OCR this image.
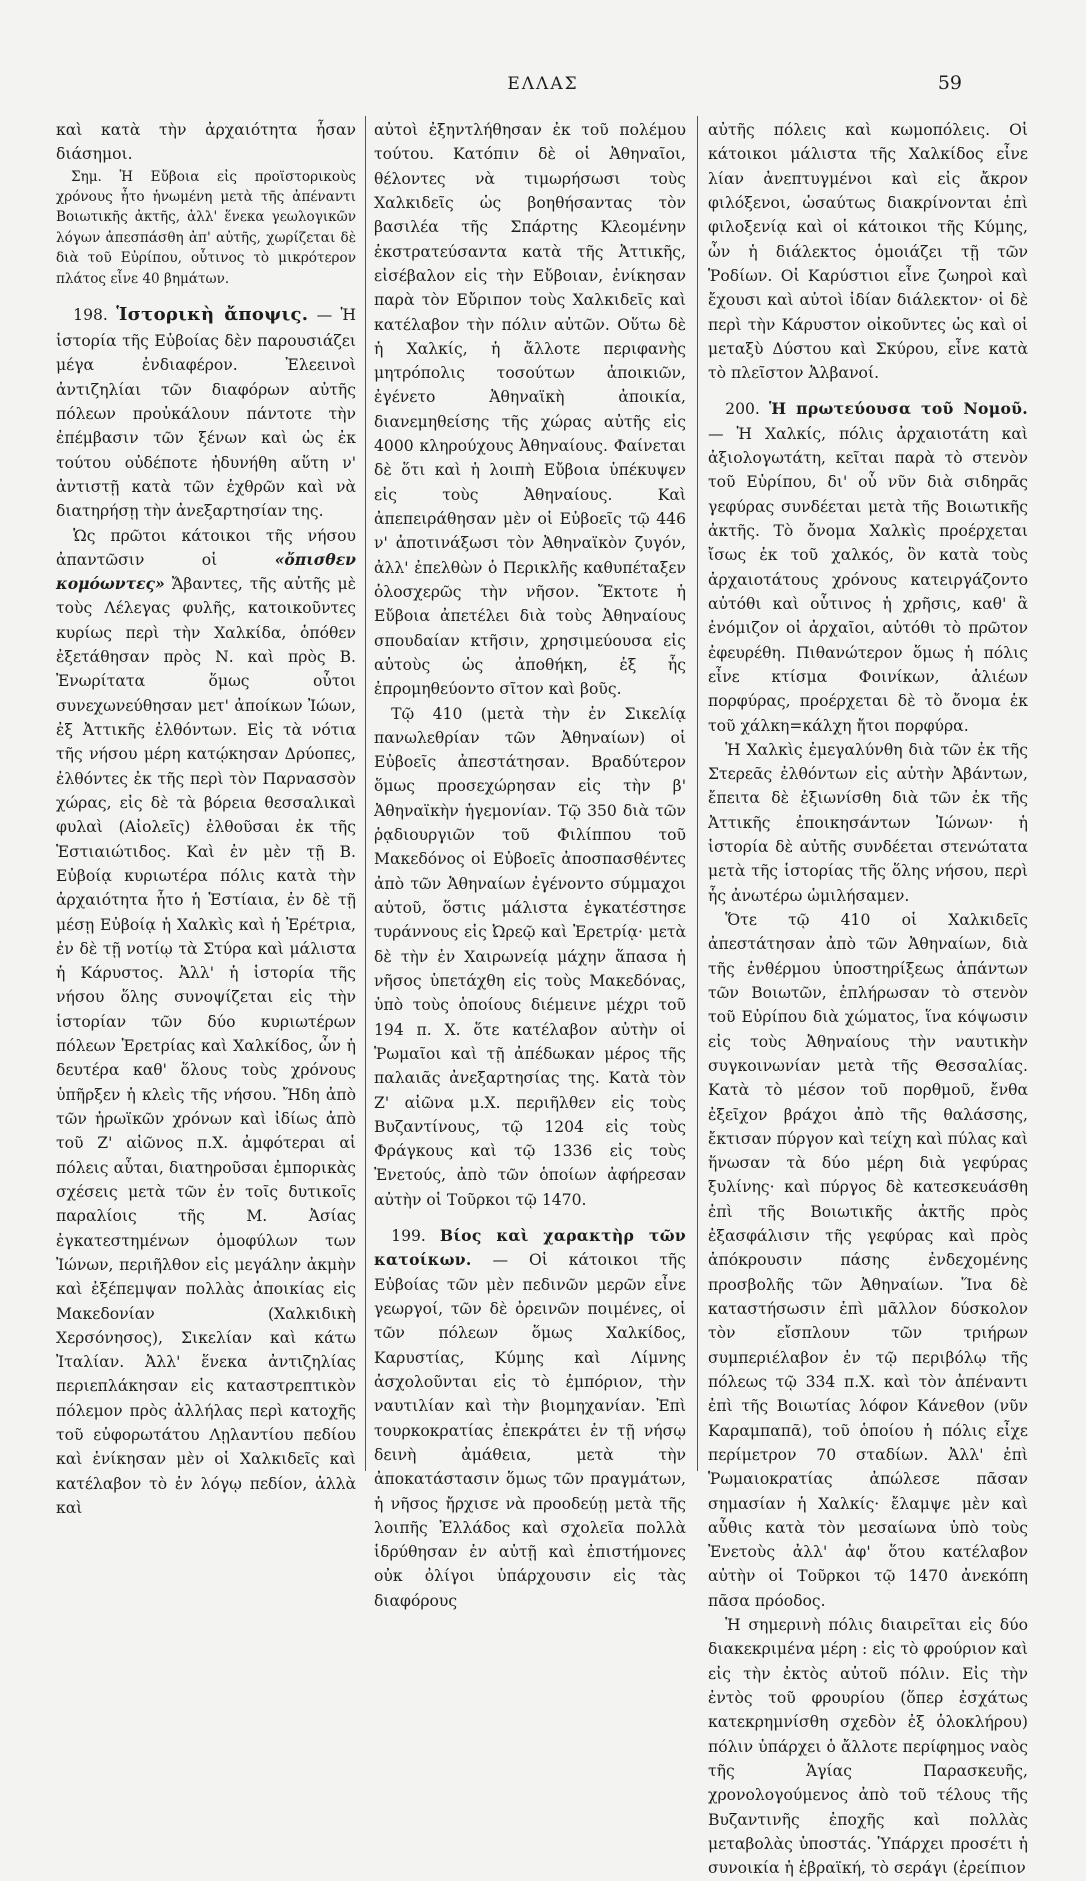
ΕΛΛΑΣ	59

καὶ κατὰ τὴν ἀρχαιότητα ἦσαν διάσημοι.

Σημ. Ἡ Εὔβοια εἰς προϊστορικοὺς χρόνους ἦτο ἡνωμένη μετὰ τῆς ἀπέναντι Βοιωτικῆς ἀκτῆς, ἀλλ' ἕνεκα γεωλογικῶν λόγων ἀπεσπάσθη ἀπ' αὐτῆς, χωρίζεται δὲ διὰ τοῦ Εὐρίπου, οὗτινος τὸ μικρότερον πλάτος εἶνε 40 βημάτων.

198. Ἱστορικὴ ἄποψις. — Ἡ ἱστορία τῆς Εὐβοίας δὲν παρουσιάζει μέγα ἐνδιαφέρον. Ἐλεεινοὶ ἀντιζηλίαι τῶν διαφόρων αὐτῆς πόλεων προὐκάλουν πάντοτε τὴν ἐπέμβασιν τῶν ξένων καὶ ὡς ἐκ τούτου οὐδέποτε ἠδυνήθη αὕτη ν' ἀντιστῇ κατὰ τῶν ἐχθρῶν καὶ νὰ διατηρήσῃ τὴν ἀνεξαρτησίαν της.

Ὡς πρῶτοι κάτοικοι τῆς νήσου ἀπαντῶσιν οἱ	«ὄπισθεν κομόωντες» Ἄβαντες, τῆς αὐτῆς μὲ τοὺς Λέλεγας φυλῆς, κατοικοῦντες κυρίως περὶ τὴν Χαλκίδα, ὁπόθεν ἐξετάθησαν πρὸς Ν. καὶ πρὸς Β. Ἐνωρίτατα ὅμως οὗτοι συνεχωνεύθησαν μετ' ἀποίκων Ἰώων, ἐξ Ἀττικῆς ἐλθόντων. Εἰς τὰ νότια τῆς νήσου μέρη κατῴκησαν Δρύοπες, ἐλθόντες ἐκ τῆς περὶ τὸν Παρνασσὸν χώρας, εἰς δὲ τὰ βόρεια θεσσαλικαὶ φυλαὶ (Αἰολεῖς) ἐλθοῦσαι ἐκ τῆς Ἑστιαιώτιδος. Καὶ ἐν μὲν τῇ Β. Εὐβοίᾳ κυριωτέρα πόλις κατὰ τὴν ἀρχαιότητα ἦτο ἡ Ἑστίαια, ἐν δὲ τῇ μέσῃ Εὐβοίᾳ ἡ Χαλκὶς καὶ ἡ Ἐρέτρια, ἐν δὲ τῇ νοτίῳ τὰ Στύρα καὶ μάλιστα ἡ Κάρυστος. Ἀλλ' ἡ ἱστορία τῆς νήσου ὅλης συνοψίζεται εἰς τὴν ἱστορίαν τῶν δύο κυριωτέρων πόλεων Ἐρετρίας καὶ Χαλκίδος, ὧν ἡ δευτέρα καθ' ὅλους τοὺς χρόνους ὑπῆρξεν ἡ κλεὶς τῆς νήσου. Ἤδη ἀπὸ τῶν ἡρωϊκῶν χρόνων καὶ ἰδίως ἀπὸ τοῦ Ζ' αἰῶνος π.Χ. ἀμφότεραι αἱ πόλεις αὗται, διατηροῦσαι ἐμπορικὰς σχέσεις μετὰ τῶν ἐν τοῖς δυτικοῖς παραλίοις τῆς Μ. Ἀσίας ἐγκατεστημένων ὁμοφύλων των Ἰώνων, περιῆλθον εἰς μεγάλην ἀκμὴν καὶ ἐξέπεμψαν πολλὰς ἀποικίας εἰς Μακεδονίαν (Χαλκιδικὴ Χερσόνησος), Σικελίαν καὶ κάτω Ἰταλίαν. Ἀλλ' ἕνεκα ἀντιζηλίας περιεπλάκησαν εἰς καταστρεπτικὸν πόλεμον πρὸς ἀλλήλας περὶ κατοχῆς τοῦ εὐφορωτάτου Λῃλαντίου πεδίου καὶ ἐνίκησαν μὲν οἱ Χαλκιδεῖς καὶ κατέλαβον τὸ ἐν λόγῳ πεδίον, ἀλλὰ καὶ

αὐτοὶ ἐξηντλήθησαν ἐκ τοῦ πολέμου τούτου. Κατόπιν δὲ οἱ Ἀθηναῖοι, θέλοντες νὰ τιμωρήσωσι τοὺς Χαλκιδεῖς ὡς βοηθήσαντας τὸν βασιλέα τῆς Σπάρτης Κλεομένην ἐκστρατεύσαντα κατὰ τῆς Ἀττικῆς, εἰσέβαλον εἰς τὴν Εὔβοιαν, ἐνίκησαν παρὰ τὸν Εὔριπον τοὺς Χαλκιδεῖς καὶ κατέλαβον τὴν πόλιν αὐτῶν. Οὕτω δὲ ἡ Χαλκίς, ἡ ἄλλοτε περιφανὴς μητρόπολις τοσούτων ἀποικιῶν, ἐγένετο Ἀθηναϊκὴ ἀποικία, διανεμηθείσης τῆς χώρας αὐτῆς εἰς 4000 κληρούχους Ἀθηναίους. Φαίνεται δὲ ὅτι καὶ ἡ λοιπὴ Εὔβοια ὑπέκυψεν εἰς τοὺς Ἀθηναίους. Καὶ ἀπεπειράθησαν μὲν οἱ Εὐβοεῖς τῷ 446 ν' ἀποτινάξωσι τὸν Ἀθηναϊκὸν ζυγόν, ἀλλ' ἐπελθὼν ὁ Περικλῆς καθυπέταξεν ὁλοσχερῶς τὴν νῆσον. Ἔκτοτε ἡ Εὔβοια ἀπετέλει διὰ τοὺς Ἀθηναίους σπουδαίαν κτῆσιν, χρησιμεύουσα εἰς αὐτοὺς ὡς ἀποθήκη, ἐξ ἧς ἐπρομηθεύοντο σῖτον καὶ βοῦς.

Τῷ 410 (μετὰ τὴν ἐν Σικελίᾳ πανωλεθρίαν τῶν Ἀθηναίων) οἱ Εὐβοεῖς ἀπεστάτησαν. Βραδύτερον ὅμως προσεχώρησαν εἰς τὴν β' Ἀθηναϊκὴν ἡγεμονίαν. Τῷ 350 διὰ τῶν ῥᾳδιουργιῶν τοῦ Φιλίππου τοῦ Μακεδόνος οἱ Εὐβοεῖς ἀποσπασθέντες ἀπὸ τῶν Ἀθηναίων ἐγένοντο σύμμαχοι αὐτοῦ, ὅστις μάλιστα ἐγκατέστησε τυράννους εἰς Ὠρεῷ καὶ Ἐρετρίᾳ· μετὰ δὲ τὴν ἐν Χαιρωνείᾳ μάχην ἅπασα ἡ νῆσος ὑπετάχθη εἰς τοὺς Μακεδόνας, ὑπὸ τοὺς ὁποίους διέμεινε μέχρι τοῦ 194 π. Χ. ὅτε κατέλαβον αὐτὴν οἱ Ῥωμαῖοι καὶ τῇ ἀπέδωκαν μέρος τῆς παλαιᾶς ἀνεξαρτησίας της. Κατὰ τὸν Ζ' αἰῶνα μ.Χ. περιῆλθεν εἰς τοὺς Βυζαντίνους, τῷ 1204 εἰς τοὺς Φράγκους καὶ τῷ 1336 εἰς τοὺς Ἐνετούς, ἀπὸ τῶν ὁποίων ἀφήρεσαν αὐτὴν οἱ Τοῦρκοι τῷ 1470.

199. Βίος καὶ χαρακτὴρ τῶν κατοίκων. — Οἱ κάτοικοι τῆς Εὐβοίας τῶν μὲν πεδινῶν μερῶν εἶνε γεωργοί, τῶν δὲ ὀρεινῶν ποιμένες, οἱ τῶν πόλεων ὅμως Χαλκίδος, Καρυστίας, Κύμης καὶ Λίμνης ἀσχολοῦνται εἰς τὸ ἐμπόριον, τὴν ναυτιλίαν καὶ τὴν βιομηχανίαν. Ἐπὶ τουρκοκρατίας ἐπεκράτει ἐν τῇ νήσῳ δεινὴ ἀμάθεια, μετὰ τὴν ἀποκατάστασιν ὅμως τῶν πραγμάτων, ἡ νῆσος ἤρχισε νὰ προοδεύῃ μετὰ τῆς λοιπῆς Ἑλλάδος καὶ σχολεῖα πολλὰ ἱδρύθησαν ἐν αὐτῇ καὶ ἐπιστήμονες οὐκ ὀλίγοι ὑπάρχουσιν εἰς τὰς διαφόρους

αὐτῆς πόλεις καὶ κωμοπόλεις. Οἱ κάτοικοι μάλιστα τῆς Χαλκίδος εἶνε λίαν ἀνεπτυγμένοι καὶ εἰς ἄκρον φιλόξενοι, ὡσαύτως διακρίνονται ἐπὶ φιλοξενίᾳ καὶ οἱ κάτοικοι τῆς Κύμης, ὧν ἡ διάλεκτος ὁμοιάζει τῇ τῶν Ῥοδίων. Οἱ Καρύστιοι εἶνε ζωηροὶ καὶ ἔχουσι καὶ αὐτοὶ ἰδίαν διάλεκτον· οἱ δὲ περὶ τὴν Κάρυστον οἰκοῦντες ὡς καὶ οἱ μεταξὺ Δύστου καὶ Σκύρου, εἶνε κατὰ τὸ πλεῖστον Ἀλβανοί.

200. Ἡ πρωτεύουσα τοῦ Νομοῦ. — Ἡ Χαλκίς, πόλις ἀρχαιοτάτη καὶ ἀξιολογωτάτη, κεῖται παρὰ τὸ στενὸν τοῦ Εὐρίπου, δι' οὗ νῦν διὰ σιδηρᾶς γεφύρας συνδέεται μετὰ τῆς Βοιωτικῆς ἀκτῆς. Τὸ ὄνομα Χαλκὶς προέρχεται ἴσως ἐκ τοῦ χαλκός, ὃν κατὰ τοὺς ἀρχαιοτάτους χρόνους κατειργάζοντο αὐτόθι καὶ οὗτινος ἡ χρῆσις, καθ' ἃ ἐνόμιζον οἱ ἀρχαῖοι, αὐτόθι τὸ πρῶτον ἐφευρέθη. Πιθανώτερον ὅμως ἡ πόλις εἶνε κτίσμα Φοινίκων, ἁλιέων πορφύρας, προέρχεται δὲ τὸ ὄνομα ἐκ τοῦ χάλκη=κάλχη ἤτοι πορφύρα.

Ἡ Χαλκὶς ἐμεγαλύνθη διὰ τῶν ἐκ τῆς Στερεᾶς ἐλθόντων εἰς αὐτὴν Ἀβάντων, ἔπειτα δὲ ἐξιωνίσθη διὰ τῶν ἐκ τῆς Ἀττικῆς ἐποικησάντων Ἰώνων· ἡ ἱστορία δὲ αὐτῆς συνδέεται στενώτατα μετὰ τῆς ἱστορίας τῆς ὅλης νήσου, περὶ ἧς ἀνωτέρω ὡμιλήσαμεν.

Ὅτε τῷ 410 οἱ Χαλκιδεῖς ἀπεστάτησαν ἀπὸ τῶν Ἀθηναίων, διὰ τῆς ἐνθέρμου ὑποστηρίξεως ἁπάντων τῶν Βοιωτῶν, ἐπλήρωσαν τὸ στενὸν τοῦ Εὐρίπου διὰ χώματος, ἵνα κόψωσιν εἰς τοὺς Ἀθηναίους τὴν ναυτικὴν συγκοινωνίαν μετὰ τῆς Θεσσαλίας. Κατὰ τὸ μέσον τοῦ πορθμοῦ, ἔνθα ἐξεῖχον βράχοι ἀπὸ τῆς θαλάσσης, ἔκτισαν πύργον καὶ τείχη καὶ πύλας καὶ ἥνωσαν τὰ δύο μέρη διὰ γεφύρας ξυλίνης· καὶ πύργος δὲ κατεσκευάσθη ἐπὶ τῆς Βοιωτικῆς ἀκτῆς πρὸς ἐξασφάλισιν τῆς γεφύρας καὶ πρὸς ἀπόκρουσιν πάσης ἐνδεχομένης προσβολῆς τῶν Ἀθηναίων. Ἵνα δὲ καταστήσωσιν ἐπὶ μᾶλλον δύσκολον τὸν εἴσπλουν τῶν τριήρων συμπεριέλαβον ἐν τῷ περιβόλῳ τῆς πόλεως τῷ 334 π.Χ. καὶ τὸν ἀπέναντι ἐπὶ τῆς Βοιωτίας λόφον Κάνεθον (νῦν Καραμπαπᾶ), τοῦ ὁποίου ἡ πόλις εἶχε περίμετρον 70 σταδίων. Ἀλλ' ἐπὶ Ῥωμαιοκρατίας ἀπώλεσε πᾶσαν σημασίαν ἡ Χαλκίς· ἔλαμψε μὲν καὶ αὖθις κατὰ τὸν μεσαίωνα ὑπὸ τοὺς Ἐνετοὺς ἀλλ' ἀφ' ὅτου κατέλαβον αὐτὴν οἱ Τοῦρκοι τῷ 1470 ἀνεκόπη πᾶσα πρόοδος.

Ἡ σημερινὴ πόλις διαιρεῖται εἰς δύο διακεκριμένα μέρη : εἰς τὸ φρούριον καὶ εἰς τὴν ἐκτὸς αὐτοῦ πόλιν. Εἰς τὴν ἐντὸς τοῦ φρουρίου (ὅπερ ἐσχάτως κατεκρημνίσθη σχεδὸν ἐξ ὁλοκλήρου) πόλιν ὑπάρχει ὁ ἄλλοτε περίφημος ναὸς τῆς Ἁγίας Παρασκευῆς, χρονολογούμενος ἀπὸ τοῦ τέλους τῆς Βυζαντινῆς ἐποχῆς καὶ πολλὰς μεταβολὰς ὑποστάς. Ὑπάρχει προσέτι ἡ συνοικία ἡ ἑβραϊκή, τὸ σεράγι (ἐρείπιον
